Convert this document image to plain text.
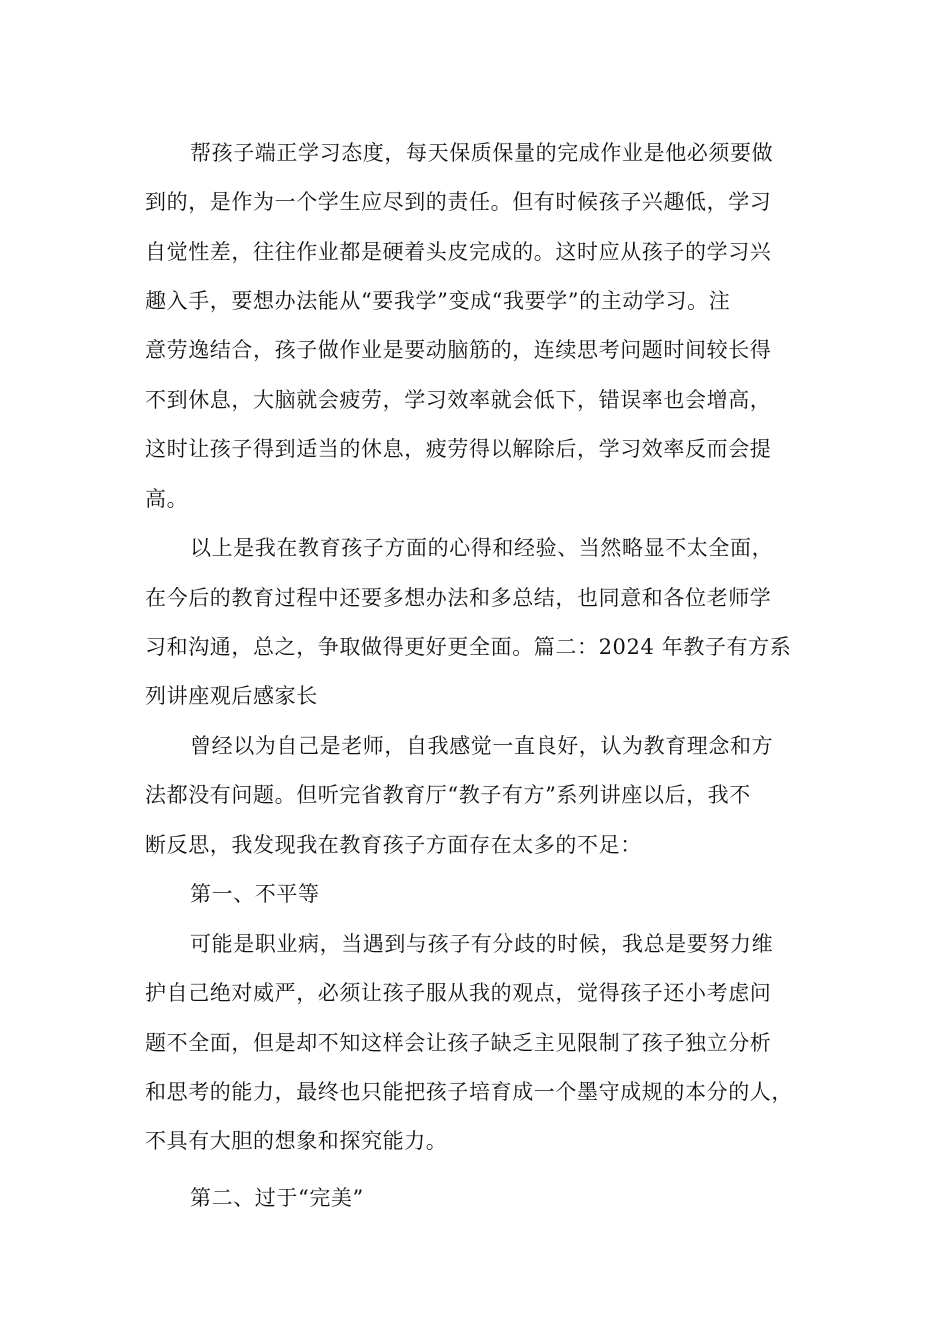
帮孩子端正学习态度，每天保质保量的完成作业是他必须要做
到的，是作为一个学生应尽到的责任。但有时候孩子兴趣低，学习
自觉性差，往往作业都是硬着头皮完成的。这时应从孩子的学习兴
趣入手，要想办法能从“要我学”变成“我要学”的主动学习。注
意劳逸结合，孩子做作业是要动脑筋的，连续思考问题时间较长得
不到休息，大脑就会疲劳，学习效率就会低下，错误率也会增高，
这时让孩子得到适当的休息，疲劳得以解除后，学习效率反而会提
高。
以上是我在教育孩子方面的心得和经验、当然略显不太全面，
在今后的教育过程中还要多想办法和多总结，也同意和各位老师学
习和沟通，总之，争取做得更好更全面。篇二：2024 年教子有方系
列讲座观后感家长
曾经以为自己是老师，自我感觉一直良好，认为教育理念和方
法都没有问题。但听完省教育厅“教子有方”系列讲座以后，我不
断反思，我发现我在教育孩子方面存在太多的不足：
第一、不平等
可能是职业病，当遇到与孩子有分歧的时候，我总是要努力维
护自己绝对威严，必须让孩子服从我的观点，觉得孩子还小考虑问
题不全面，但是却不知这样会让孩子缺乏主见限制了孩子独立分析
和思考的能力，最终也只能把孩子培育成一个墨守成规的本分的人，
不具有大胆的想象和探究能力。
第二、过于“完美”
